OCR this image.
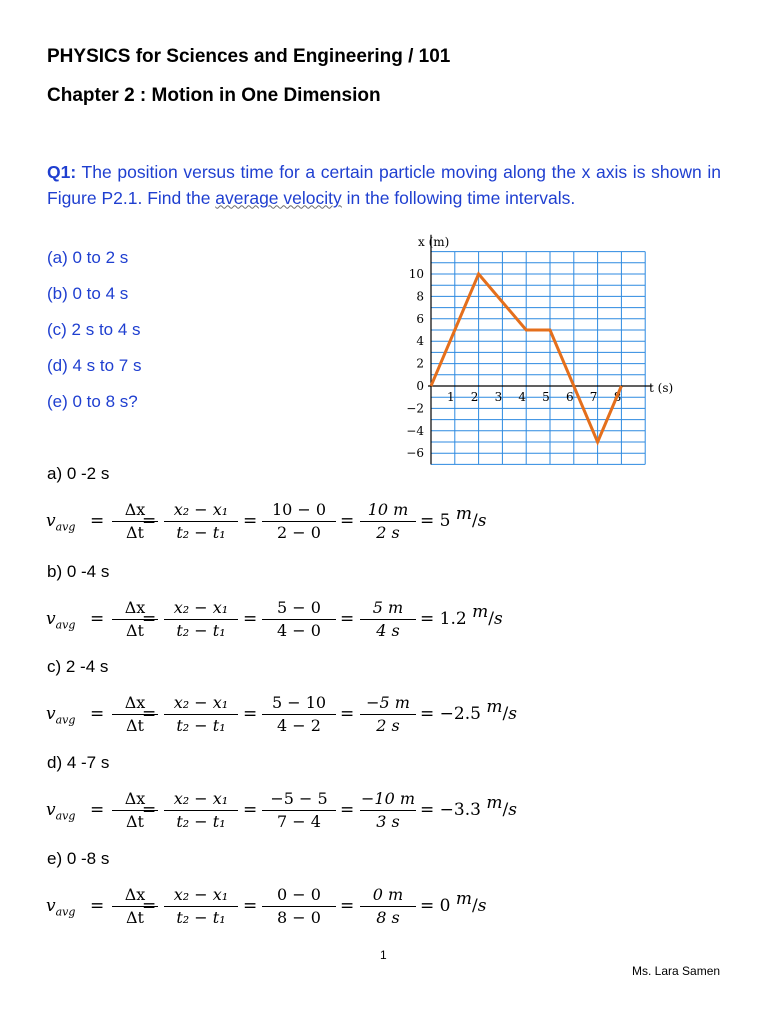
PHYSICS for Sciences and Engineering / 101
Chapter 2 : Motion in One Dimension
Q1: The position versus time for a certain particle moving along the x axis is shown in Figure P2.1. Find the average velocity in the following time intervals.
(a) 0 to 2 s
(b) 0 to 4 s
(c) 2 s to 4 s
(d) 4 s to 7 s
(e) 0 to 8 s?
x (m)
t (s)
10
8
6
4
2
0
−2
−4
−6
1 2 3 4 5 6 7 8
a) 0 -2 s
$v_{avg}$ =
Δx
Δt
=
x₂ − x₁
t₂ − t₁
=
10 − 0
2 − 0
=
10 m
2 s
= 5 m/s
b) 0 -4 s
$v_{avg}$ =
Δx
Δt
=
x₂ − x₁
t₂ − t₁
=
5 − 0
4 − 0
=
5 m
4 s
= 1.2 m/s
c) 2 -4 s
$v_{avg}$ =
Δx
Δt
=
x₂ − x₁
t₂ − t₁
=
5 − 10
4 − 2
=
−5 m
2 s
= −2.5 m/s
d) 4 -7 s
$v_{avg}$ =
Δx
Δt
=
x₂ − x₁
t₂ − t₁
=
−5 − 5
7 − 4
=
−10 m
3 s
= −3.3 m/s
e) 0 -8 s
$v_{avg}$ =
Δx
Δt
=
x₂ − x₁
t₂ − t₁
=
0 − 0
8 − 0
=
0 m
8 s
= 0 m/s
1
Ms. Lara Samen
